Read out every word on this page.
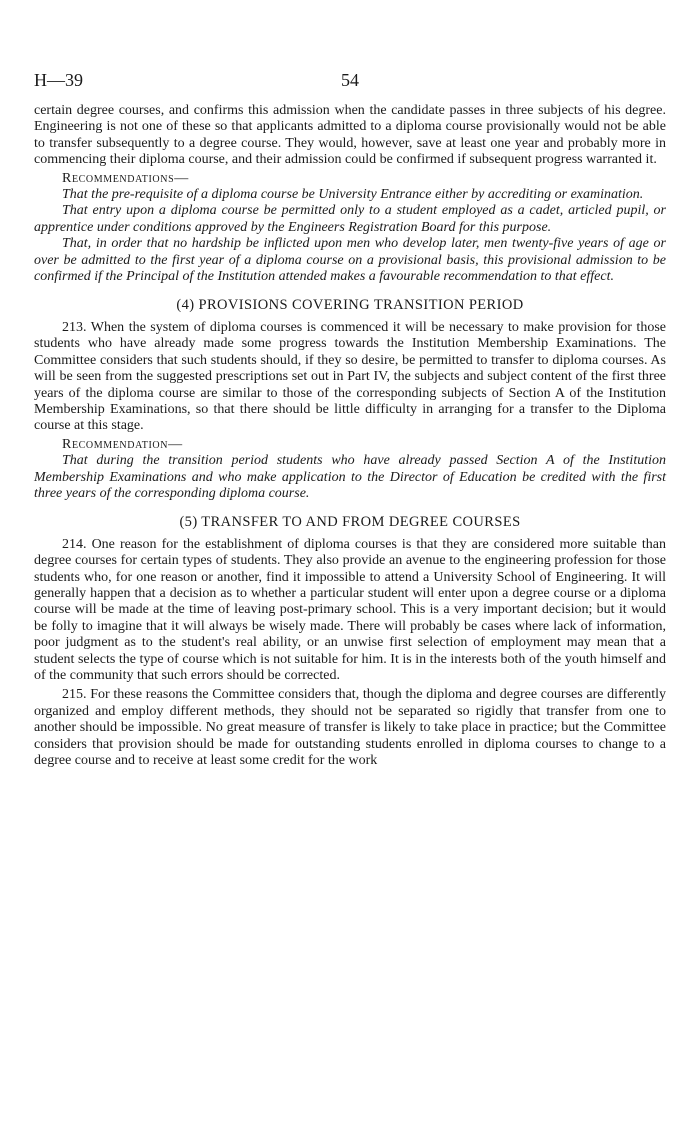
H—39	54

certain degree courses, and confirms this admission when the candidate passes in three subjects of his degree. Engineering is not one of these so that applicants admitted to a diploma course provisionally would not be able to transfer subsequently to a degree course. They would, however, save at least one year and probably more in commencing their diploma course, and their admission could be confirmed if subsequent progress warranted it.

Recommendations—

That the pre-requisite of a diploma course be University Entrance either by accrediting or examination.

That entry upon a diploma course be permitted only to a student employed as a cadet, articled pupil, or apprentice under conditions approved by the Engineers Registration Board for this purpose.

That, in order that no hardship be inflicted upon men who develop later, men twenty-five years of age or over be admitted to the first year of a diploma course on a provisional basis, this provisional admission to be confirmed if the Principal of the Institution attended makes a favourable recommendation to that effect.

(4) PROVISIONS COVERING TRANSITION PERIOD

213. When the system of diploma courses is commenced it will be necessary to make provision for those students who have already made some progress towards the Institution Membership Examinations. The Committee considers that such students should, if they so desire, be permitted to transfer to diploma courses. As will be seen from the suggested prescriptions set out in Part IV, the subjects and subject content of the first three years of the diploma course are similar to those of the corresponding subjects of Section A of the Institution Membership Examinations, so that there should be little difficulty in arranging for a transfer to the Diploma course at this stage.

Recommendation—

That during the transition period students who have already passed Section A of the Institution Membership Examinations and who make application to the Director of Education be credited with the first three years of the corresponding diploma course.

(5) TRANSFER TO AND FROM DEGREE COURSES

214. One reason for the establishment of diploma courses is that they are considered more suitable than degree courses for certain types of students. They also provide an avenue to the engineering profession for those students who, for one reason or another, find it impossible to attend a University School of Engineering. It will generally happen that a decision as to whether a particular student will enter upon a degree course or a diploma course will be made at the time of leaving post-primary school. This is a very important decision; but it would be folly to imagine that it will always be wisely made. There will probably be cases where lack of information, poor judgment as to the student's real ability, or an unwise first selection of employment may mean that a student selects the type of course which is not suitable for him. It is in the interests both of the youth himself and of the community that such errors should be corrected.

215. For these reasons the Committee considers that, though the diploma and degree courses are differently organized and employ different methods, they should not be separated so rigidly that transfer from one to another should be impossible. No great measure of transfer is likely to take place in practice; but the Committee considers that provision should be made for outstanding students enrolled in diploma courses to change to a degree course and to receive at least some credit for the work
